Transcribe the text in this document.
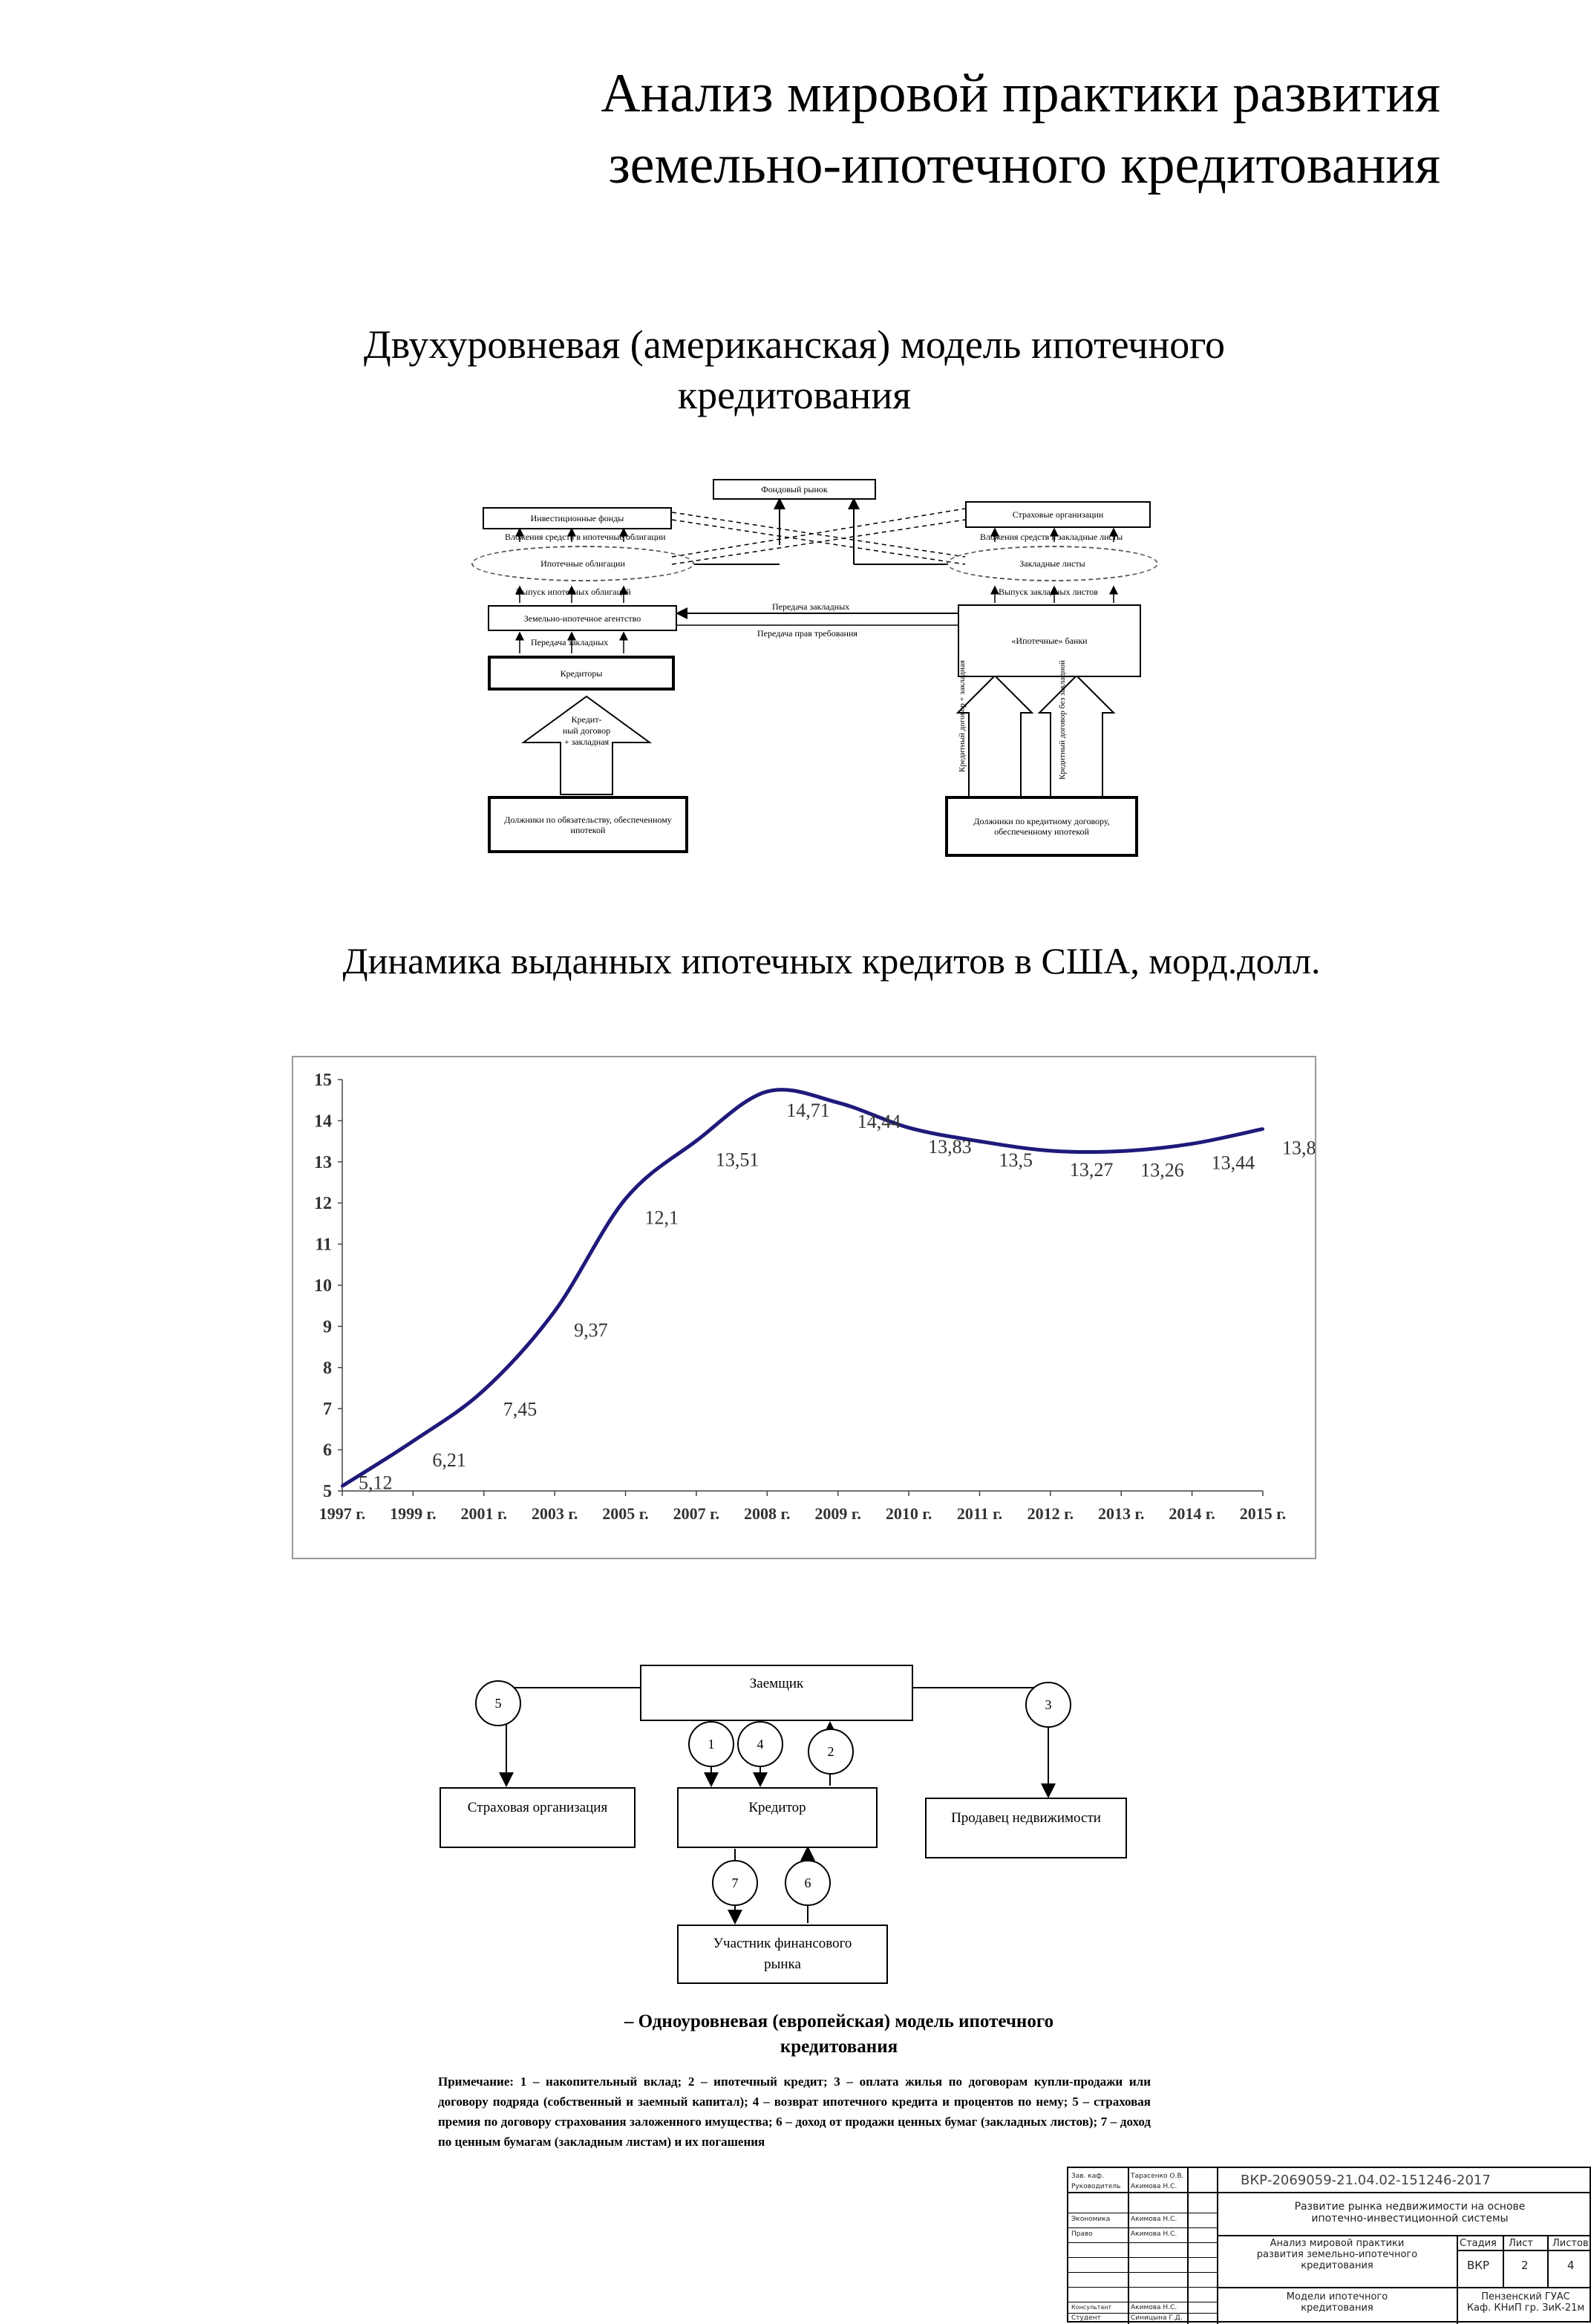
Анализ мировой практики развития
земельно-ипотечного кредитования
Двухуровневая (американская) модель ипотечного
кредитования
Фондовый рынок
Инвестиционные фонды	Страховые организации
Вложения средств в ипотечные облигации	Вложения средств в закладные листы
Ипотечные облигации	Закладные листы
Выпуск ипотечных облигаций	Выпуск закладных листов
Земельно-ипотечное агентство
Передача закладных
Передача прав требования
Передача закладных	«Ипотечные» банки
Кредиторы
Кредит-
ный договор
+ закладная	Кредитный договор + закладная	Кредитный договор без закладной
Должники по обязательству, обеспеченному ипотекой
Должники по кредитному договору, обеспеченному ипотекой
Динамика выданных ипотечных кредитов в США, морд.долл.
5
6
7
8
9
10
11
12
13
14
15
1997 г. 1999 г. 2001 г. 2003 г. 2005 г. 2007 г. 2008 г. 2009 г. 2010 г. 2011 г. 2012 г. 2013 г. 2014 г. 2015 г.
5,12
6,21
7,45
9,37
12,1
13,51
14,71
14,44
13,83
13,5 13,27 13,26 13,44
13,8
Заемщик
Страховая организация	Кредитор
Продавец недвижимости
Участник финансового рынка
5
1	4	2
3
7	6
– Одноуровневая (европейская) модель ипотечного
кредитования
Примечание: 1 – накопительный вклад; 2 – ипотечный кредит; 3 – оплата жилья по договорам купли-продажи или договору подряда (собственный и заемный капитал); 4 – возврат ипотечного кредита и процентов по нему; 5 – страховая премия по договору страхования заложенного имущества; 6 – доход от продажи ценных бумаг (закладных листов); 7 – доход по ценным бумагам (закладным листам) и их погашения
ВКР-2069059-21.04.02-151246-2017
Развитие рынка недвижимости на основе
ипотечно-инвестиционной системы
Анализ мировой практики
развития земельно-ипотечного
кредитования
Стадия Лист Листов
ВКР	2	4
Модели ипотечного
кредитования
Пензенский ГУАС
Каф. КНиП гр. ЗиК-21м
Зав. каф.	Тарасенко О.В.
Руководитель Акимова Н.С.
Экономика	Акимова Н.С.
Право	Акимова Н.С.
Консультант	Акимова Н.С.
Студент	Синицына Г.Д.
